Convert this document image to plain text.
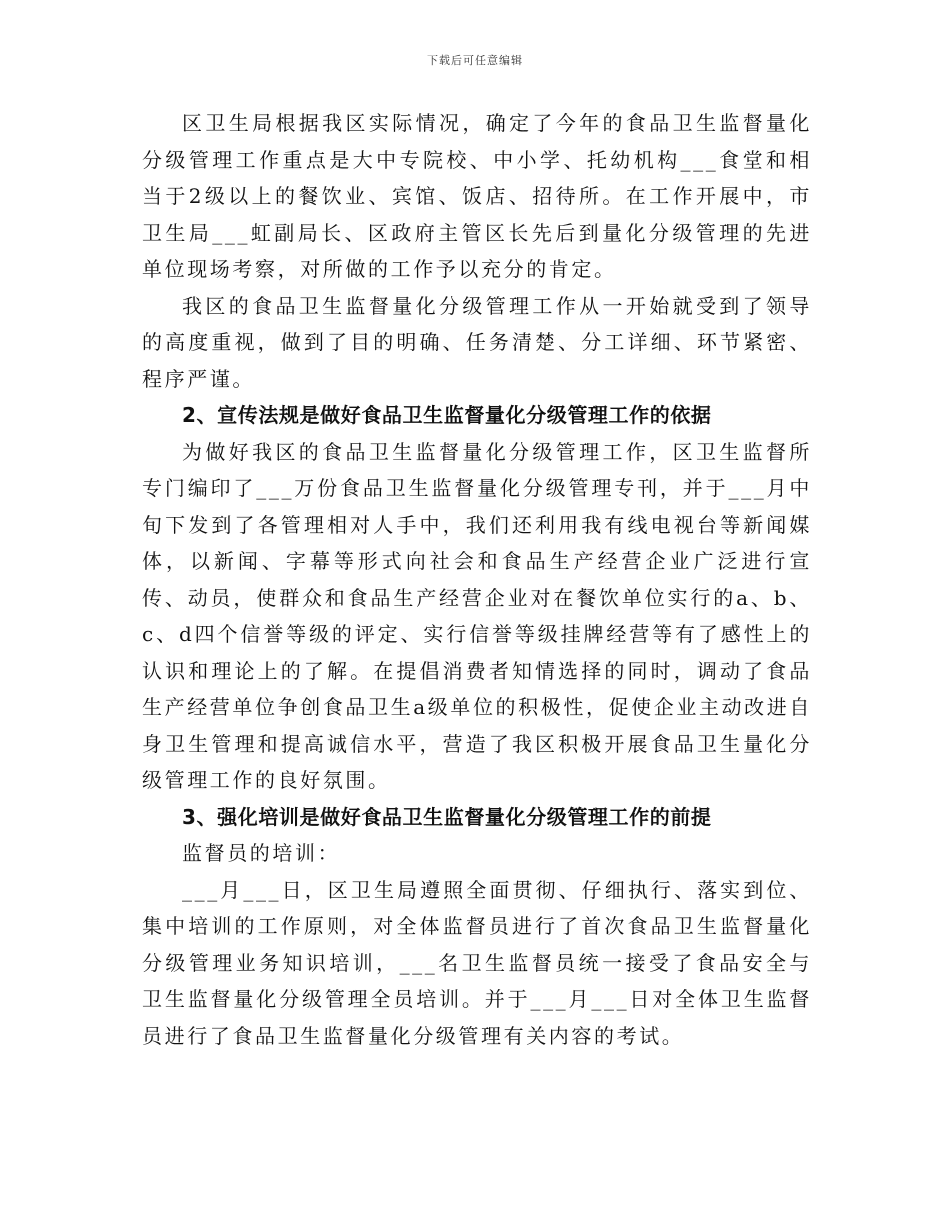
下载后可任意编辑

区卫生局根据我区实际情况，确定了今年的食品卫生监督量化分级管理工作重点是大中专院校、中小学、托幼机构___食堂和相当于2级以上的餐饮业、宾馆、饭店、招待所。在工作开展中，市卫生局___虹副局长、区政府主管区长先后到量化分级管理的先进单位现场考察，对所做的工作予以充分的肯定。

我区的食品卫生监督量化分级管理工作从一开始就受到了领导的高度重视，做到了目的明确、任务清楚、分工详细、环节紧密、程序严谨。

2、宣传法规是做好食品卫生监督量化分级管理工作的依据

为做好我区的食品卫生监督量化分级管理工作，区卫生监督所专门编印了___万份食品卫生监督量化分级管理专刊，并于___月中旬下发到了各管理相对人手中，我们还利用我有线电视台等新闻媒体，以新闻、字幕等形式向社会和食品生产经营企业广泛进行宣传、动员，使群众和食品生产经营企业对在餐饮单位实行的a、b、c、d四个信誉等级的评定、实行信誉等级挂牌经营等有了感性上的认识和理论上的了解。在提倡消费者知情选择的同时，调动了食品生产经营单位争创食品卫生a级单位的积极性，促使企业主动改进自身卫生管理和提高诚信水平，营造了我区积极开展食品卫生量化分级管理工作的良好氛围。

3、强化培训是做好食品卫生监督量化分级管理工作的前提

监督员的培训：

___月___日，区卫生局遵照全面贯彻、仔细执行、落实到位、集中培训的工作原则，对全体监督员进行了首次食品卫生监督量化分级管理业务知识培训，___名卫生监督员统一接受了食品安全与卫生监督量化分级管理全员培训。并于___月___日对全体卫生监督员进行了食品卫生监督量化分级管理有关内容的考试。
